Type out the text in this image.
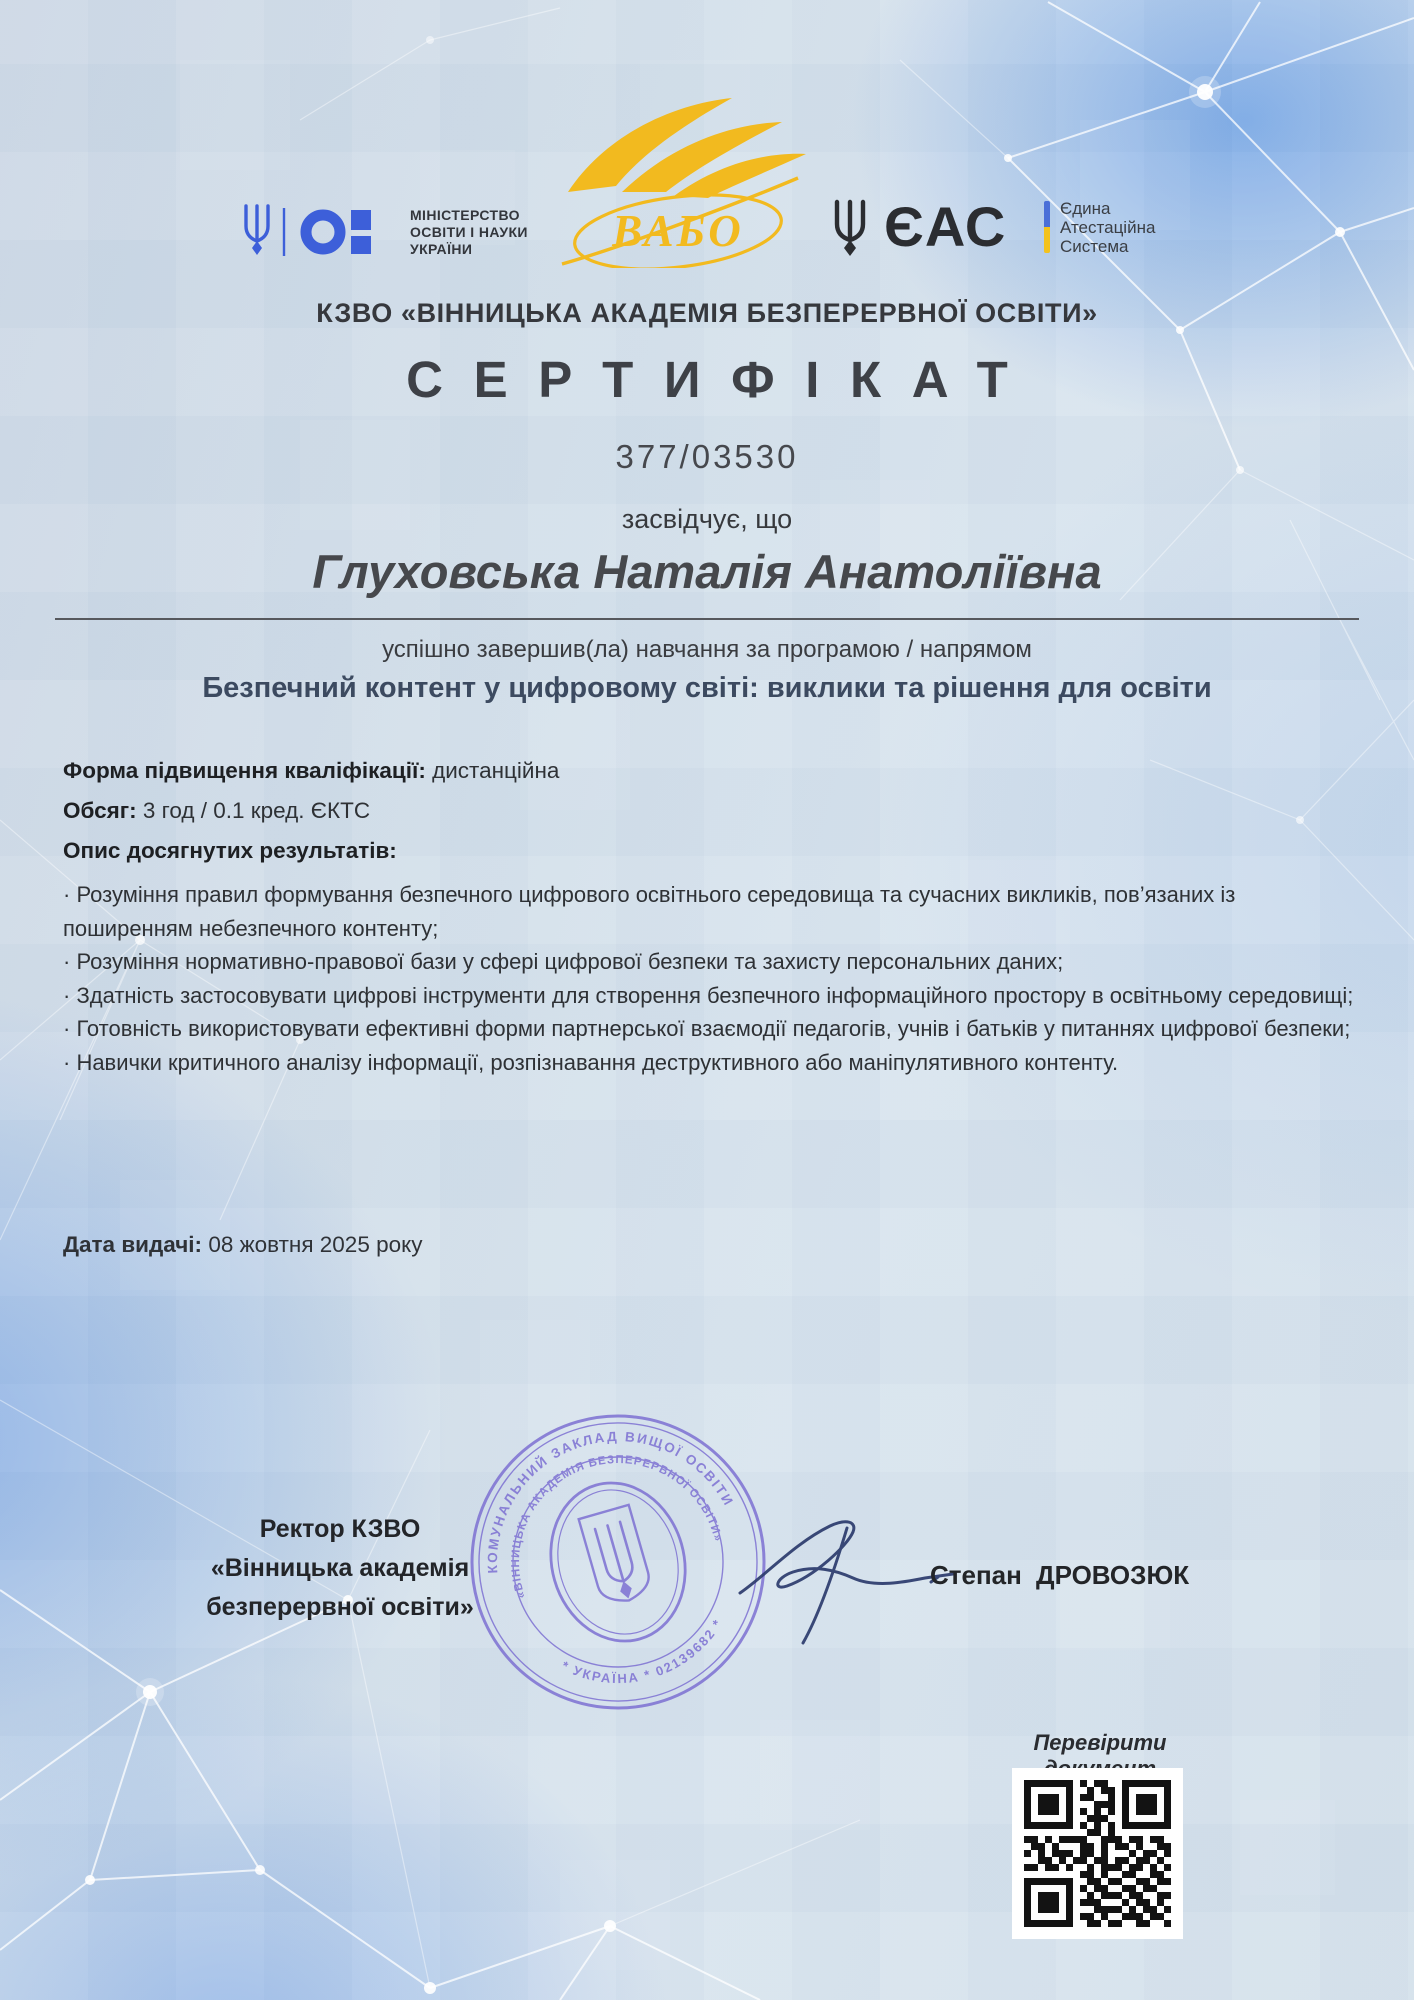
МІНІСТЕРСТВО
ОСВІТИ І НАУКИ
УКРАЇНИ	ВАБО	ЄАС	Єдина
Атестаційна
Система
КЗВО «ВІННИЦЬКА АКАДЕМІЯ БЕЗПЕРЕРВНОЇ ОСВІТИ»
СЕРТИФІКАТ
377/03530
засвідчує, що
Глуховська Наталія Анатоліївна
успішно завершив(ла) навчання за програмою / напрямом
Безпечний контент у цифровому світі: виклики та рішення для освіти

Форма підвищення кваліфікації: дистанційна

Обсяг: 3 год / 0.1 кред. ЄКТС

Опис досягнутих результатів:

· Розуміння правил формування безпечного цифрового освітнього середовища та сучасних викликів, пов’язаних із поширенням небезпечного контенту;

· Розуміння нормативно-правової бази у сфері цифрової безпеки та захисту персональних даних;

· Здатність застосовувати цифрові інструменти для створення безпечного інформаційного простору в освітньому середовищі;

· Готовність використовувати ефективні форми партнерської взаємодії педагогів, учнів і батьків у питаннях цифрової безпеки;

· Навички критичного аналізу інформації, розпізнавання деструктивного або маніпулятивного контенту.

Дата видачі: 08 жовтня 2025 року
Ректор КЗВО
«Вінницька академія
безперервної освіти»
КОМУНАЛЬНИЙ ЗАКЛАД ВИЩОЇ ОСВІТИ
* УКРАЇНА * 02139682 *
«ВІННИЦЬКА АКАДЕМІЯ БЕЗПЕРЕРВНОЇ ОСВІТИ»
Степан ДРОВОЗЮК
Перевірити
